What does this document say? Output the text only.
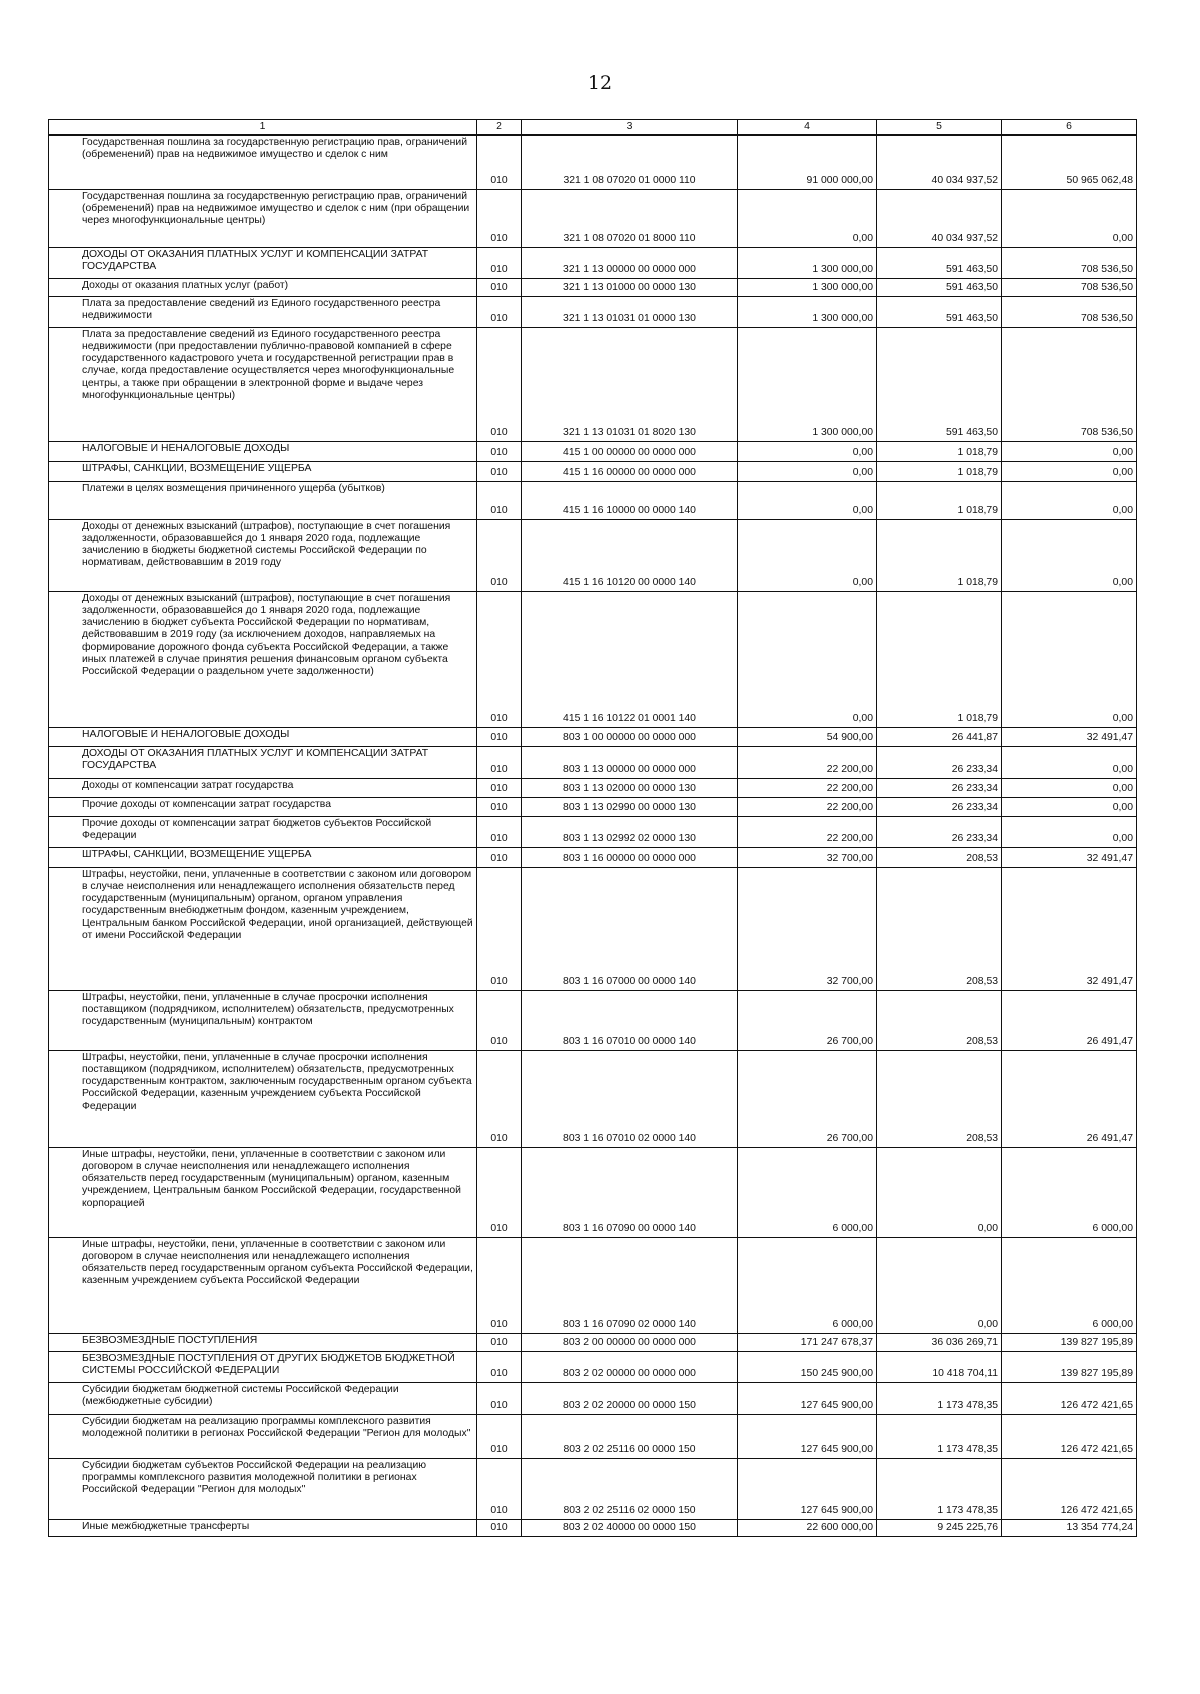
12
1	2	3	4	5	6

Государственная пошлина за государственную регистрацию прав, ограничений (обременений) прав на недвижимое имущество и сделок с ним	010	321 1 08 07020 01 0000 110	91 000 000,00	40 034 937,52	50 965 062,48

Государственная пошлина за государственную регистрацию прав, ограничений (обременений) прав на недвижимое имущество и сделок с ним (при обращении через многофункциональные центры)	010	321 1 08 07020 01 8000 110	0,00	40 034 937,52	0,00

ДОХОДЫ ОТ ОКАЗАНИЯ ПЛАТНЫХ УСЛУГ И КОМПЕНСАЦИИ ЗАТРАТ ГОСУДАРСТВА	010	321 1 13 00000 00 0000 000	1 300 000,00	591 463,50	708 536,50

Доходы от оказания платных услуг (работ)	010	321 1 13 01000 00 0000 130	1 300 000,00	591 463,50	708 536,50

Плата за предоставление сведений из Единого государственного реестра недвижимости	010	321 1 13 01031 01 0000 130	1 300 000,00	591 463,50	708 536,50

Плата за предоставление сведений из Единого государственного реестра недвижимости (при предоставлении публично-правовой компанией в сфере государственного кадастрового учета и государственной регистрации прав в случае, когда предоставление осуществляется через многофункциональные центры, а также при обращении в электронной форме и выдаче через многофункциональные центры)	010	321 1 13 01031 01 8020 130	1 300 000,00	591 463,50	708 536,50

НАЛОГОВЫЕ И НЕНАЛОГОВЫЕ ДОХОДЫ	010	415 1 00 00000 00 0000 000	0,00	1 018,79	0,00

ШТРАФЫ, САНКЦИИ, ВОЗМЕЩЕНИЕ УЩЕРБА	010	415 1 16 00000 00 0000 000	0,00	1 018,79	0,00

Платежи в целях возмещения причиненного ущерба (убытков)	010	415 1 16 10000 00 0000 140	0,00	1 018,79	0,00

Доходы от денежных взысканий (штрафов), поступающие в счет погашения задолженности, образовавшейся до 1 января 2020 года, подлежащие зачислению в бюджеты бюджетной системы Российской Федерации по нормативам, действовавшим в 2019 году	010	415 1 16 10120 00 0000 140	0,00	1 018,79	0,00

Доходы от денежных взысканий (штрафов), поступающие в счет погашения задолженности, образовавшейся до 1 января 2020 года, подлежащие зачислению в бюджет субъекта Российской Федерации по нормативам, действовавшим в 2019 году (за исключением доходов, направляемых на формирование дорожного фонда субъекта Российской Федерации, а также иных платежей в случае принятия решения финансовым органом субъекта Российской Федерации о раздельном учете задолженности)	010	415 1 16 10122 01 0001 140	0,00	1 018,79	0,00

НАЛОГОВЫЕ И НЕНАЛОГОВЫЕ ДОХОДЫ	010	803 1 00 00000 00 0000 000	54 900,00	26 441,87	32 491,47

ДОХОДЫ ОТ ОКАЗАНИЯ ПЛАТНЫХ УСЛУГ И КОМПЕНСАЦИИ ЗАТРАТ ГОСУДАРСТВА	010	803 1 13 00000 00 0000 000	22 200,00	26 233,34	0,00

Доходы от компенсации затрат государства	010	803 1 13 02000 00 0000 130	22 200,00	26 233,34	0,00

Прочие доходы от компенсации затрат государства	010	803 1 13 02990 00 0000 130	22 200,00	26 233,34	0,00

Прочие доходы от компенсации затрат бюджетов субъектов Российской Федерации	010	803 1 13 02992 02 0000 130	22 200,00	26 233,34	0,00

ШТРАФЫ, САНКЦИИ, ВОЗМЕЩЕНИЕ УЩЕРБА	010	803 1 16 00000 00 0000 000	32 700,00	208,53	32 491,47

Штрафы, неустойки, пени, уплаченные в соответствии с законом или договором в случае неисполнения или ненадлежащего исполнения обязательств перед государственным (муниципальным) органом, органом управления государственным внебюджетным фондом, казенным учреждением, Центральным банком Российской Федерации, иной организацией, действующей от имени Российской Федерации	010	803 1 16 07000 00 0000 140	32 700,00	208,53	32 491,47

Штрафы, неустойки, пени, уплаченные в случае просрочки исполнения поставщиком (подрядчиком, исполнителем) обязательств, предусмотренных государственным (муниципальным) контрактом	010	803 1 16 07010 00 0000 140	26 700,00	208,53	26 491,47

Штрафы, неустойки, пени, уплаченные в случае просрочки исполнения поставщиком (подрядчиком, исполнителем) обязательств, предусмотренных государственным контрактом, заключенным государственным органом субъекта Российской Федерации, казенным учреждением субъекта Российской Федерации	010	803 1 16 07010 02 0000 140	26 700,00	208,53	26 491,47

Иные штрафы, неустойки, пени, уплаченные в соответствии с законом или договором в случае неисполнения или ненадлежащего исполнения обязательств перед государственным (муниципальным) органом, казенным учреждением, Центральным банком Российской Федерации, государственной корпорацией	010	803 1 16 07090 00 0000 140	6 000,00	0,00	6 000,00

Иные штрафы, неустойки, пени, уплаченные в соответствии с законом или договором в случае неисполнения или ненадлежащего исполнения обязательств перед государственным органом субъекта Российской Федерации, казенным учреждением субъекта Российской Федерации	010	803 1 16 07090 02 0000 140	6 000,00	0,00	6 000,00

БЕЗВОЗМЕЗДНЫЕ ПОСТУПЛЕНИЯ	010	803 2 00 00000 00 0000 000	171 247 678,37	36 036 269,71	139 827 195,89

БЕЗВОЗМЕЗДНЫЕ ПОСТУПЛЕНИЯ ОТ ДРУГИХ БЮДЖЕТОВ БЮДЖЕТНОЙ СИСТЕМЫ РОССИЙСКОЙ ФЕДЕРАЦИИ	010	803 2 02 00000 00 0000 000	150 245 900,00	10 418 704,11	139 827 195,89

Субсидии бюджетам бюджетной системы Российской Федерации (межбюджетные субсидии)	010	803 2 02 20000 00 0000 150	127 645 900,00	1 173 478,35	126 472 421,65

Субсидии бюджетам на реализацию программы комплексного развития молодежной политики в регионах Российской Федерации "Регион для молодых"	010	803 2 02 25116 00 0000 150	127 645 900,00	1 173 478,35	126 472 421,65

Субсидии бюджетам субъектов Российской Федерации на реализацию программы комплексного развития молодежной политики в регионах Российской Федерации "Регион для молодых"	010	803 2 02 25116 02 0000 150	127 645 900,00	1 173 478,35	126 472 421,65

Иные межбюджетные трансферты	010	803 2 02 40000 00 0000 150	22 600 000,00	9 245 225,76	13 354 774,24
